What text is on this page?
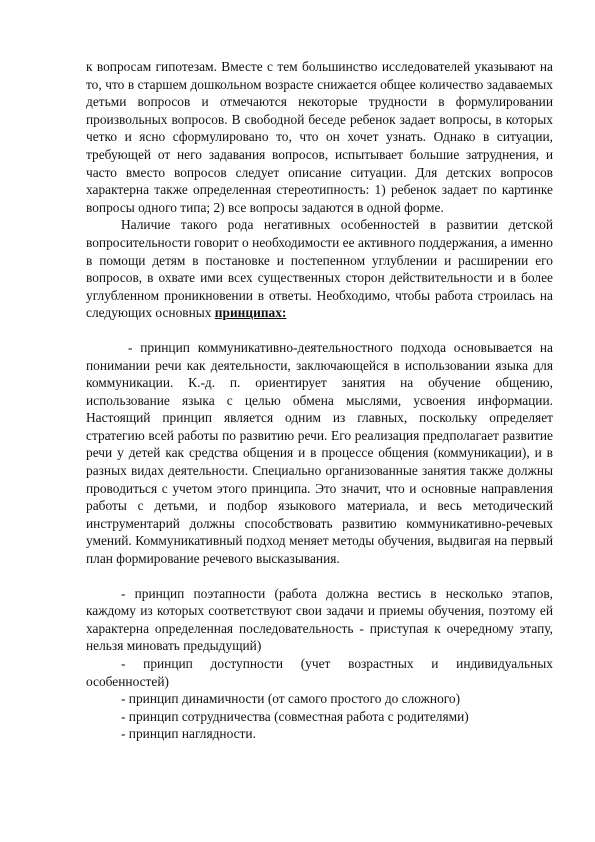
к вопросам гипотезам. Вместе с тем большинство исследователей указывают на то, что в старшем дошкольном возрасте снижается общее количество задаваемых детьми вопросов и отмечаются некоторые трудности в формулировании произвольных вопросов. В свободной беседе ребенок задает вопросы, в которых четко и ясно сформулировано то, что он хочет узнать. Однако в ситуации, требующей от него задавания вопросов, испытывает большие затруднения, и часто вместо вопросов следует описание ситуации. Для детских вопросов характерна также определенная стереотипность: 1) ребенок задает по картинке вопросы одного типа; 2) все вопросы задаются в одной форме.

Наличие такого рода негативных особенностей в развитии детской вопросительности говорит о необходимости ее активного поддержания, а именно в помощи детям в постановке и постепенном углублении и расширении его вопросов, в охвате ими всех существенных сторон действительности и в более углубленном проникновении в ответы. Необходимо, чтобы работа строилась на следующих основных принципах:

- принцип коммуникативно-деятельностного подхода основывается на понимании речи как деятельности, заключающейся в использовании языка для коммуникации. К.-д. п. ориентирует занятия на обучение общению, использование языка с целью обмена мыслями, усвоения информации. Настоящий принцип является одним из главных, поскольку определяет стратегию всей работы по развитию речи. Его реализация предполагает развитие речи у детей как средства общения и в процессе общения (коммуникации), и в разных видах деятельности. Специально организованные занятия также должны проводиться с учетом этого принципа. Это значит, что и основные направления работы с детьми, и подбор языкового материала, и весь методический инструментарий должны способствовать развитию коммуникативно-речевых умений. Коммуникативный подход меняет методы обучения, выдвигая на первый план формирование речевого высказывания.

- принцип поэтапности (работа должна вестись в несколько этапов, каждому из которых соответствуют свои задачи и приемы обучения, поэтому ей характерна определенная последовательность - приступая к очередному этапу, нельзя миновать предыдущий)

- принцип доступности (учет возрастных и индивидуальных особенностей)

- принцип динамичности (от самого простого до сложного)

- принцип сотрудничества (совместная работа с родителями)

- принцип наглядности.
